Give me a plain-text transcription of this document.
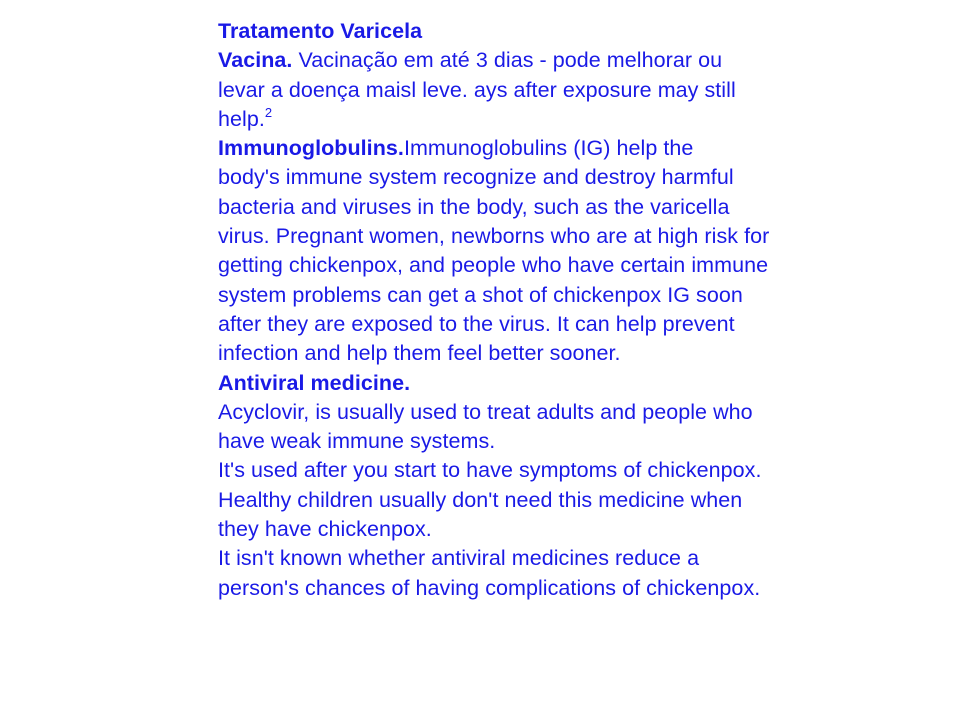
Tratamento Varicela

Vacina. Vacinação em até 3 dias - pode melhorar ou

levar a doença maisl leve. ays after exposure may still

help.$^2$

Immunoglobulins.Immunoglobulins (IG) help the

body's immune system recognize and destroy harmful

bacteria and viruses in the body, such as the varicella

virus. Pregnant women, newborns who are at high risk for

getting chickenpox, and people who have certain immune

system problems can get a shot of chickenpox IG soon

after they are exposed to the virus. It can help prevent

infection and help them feel better sooner.

Antiviral medicine.

Acyclovir, is usually used to treat adults and people who

have weak immune systems.

It's used after you start to have symptoms of chickenpox.

Healthy children usually don't need this medicine when

they have chickenpox.

It isn't known whether antiviral medicines reduce a

person's chances of having complications of chickenpox.
